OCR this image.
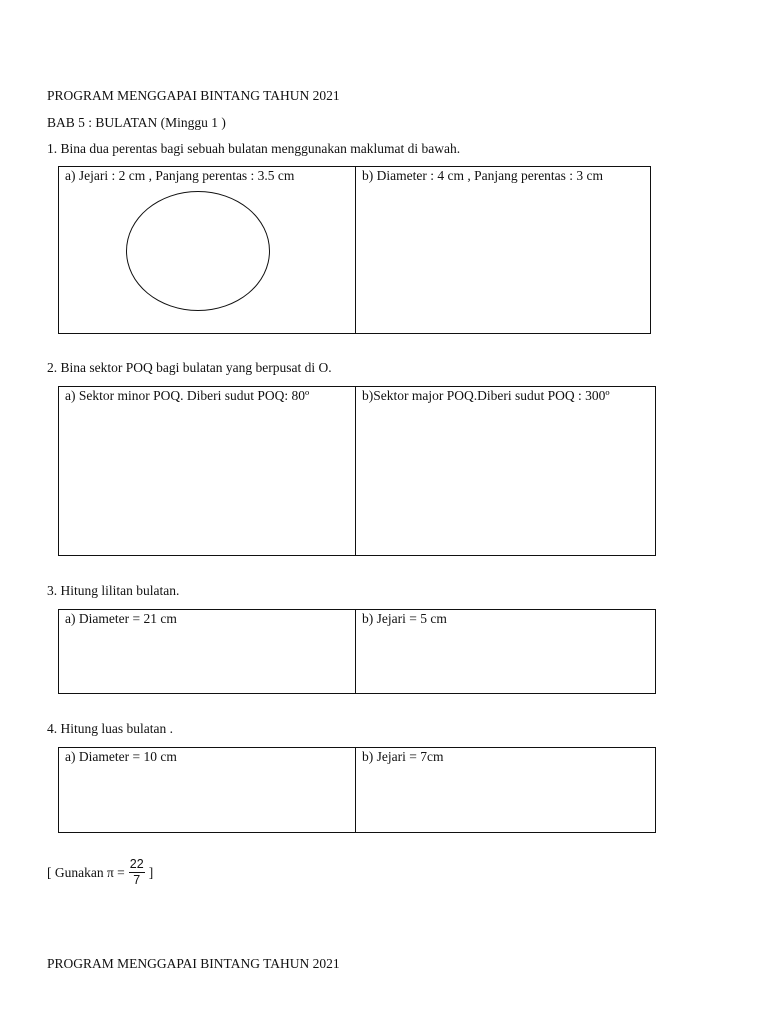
PROGRAM MENGGAPAI BINTANG TAHUN 2021
BAB 5 : BULATAN (Minggu 1 )
1. Bina dua perentas bagi sebuah bulatan menggunakan maklumat di bawah.
a) Jejari : 2 cm , Panjang perentas : 3.5 cm	b) Diameter : 4 cm , Panjang perentas : 3 cm
2. Bina sektor POQ bagi bulatan yang berpusat di O.
a) Sektor minor POQ. Diberi sudut POQ: 80º	b)Sektor major POQ.Diberi sudut POQ : 300º
3. Hitung lilitan bulatan.
a) Diameter = 21 cm	b) Jejari = 5 cm
4. Hitung luas bulatan .
a) Diameter = 10 cm	b) Jejari = 7cm
[ Gunakan $\pi = \frac{22}{7}$ ]
PROGRAM MENGGAPAI BINTANG TAHUN 2021
